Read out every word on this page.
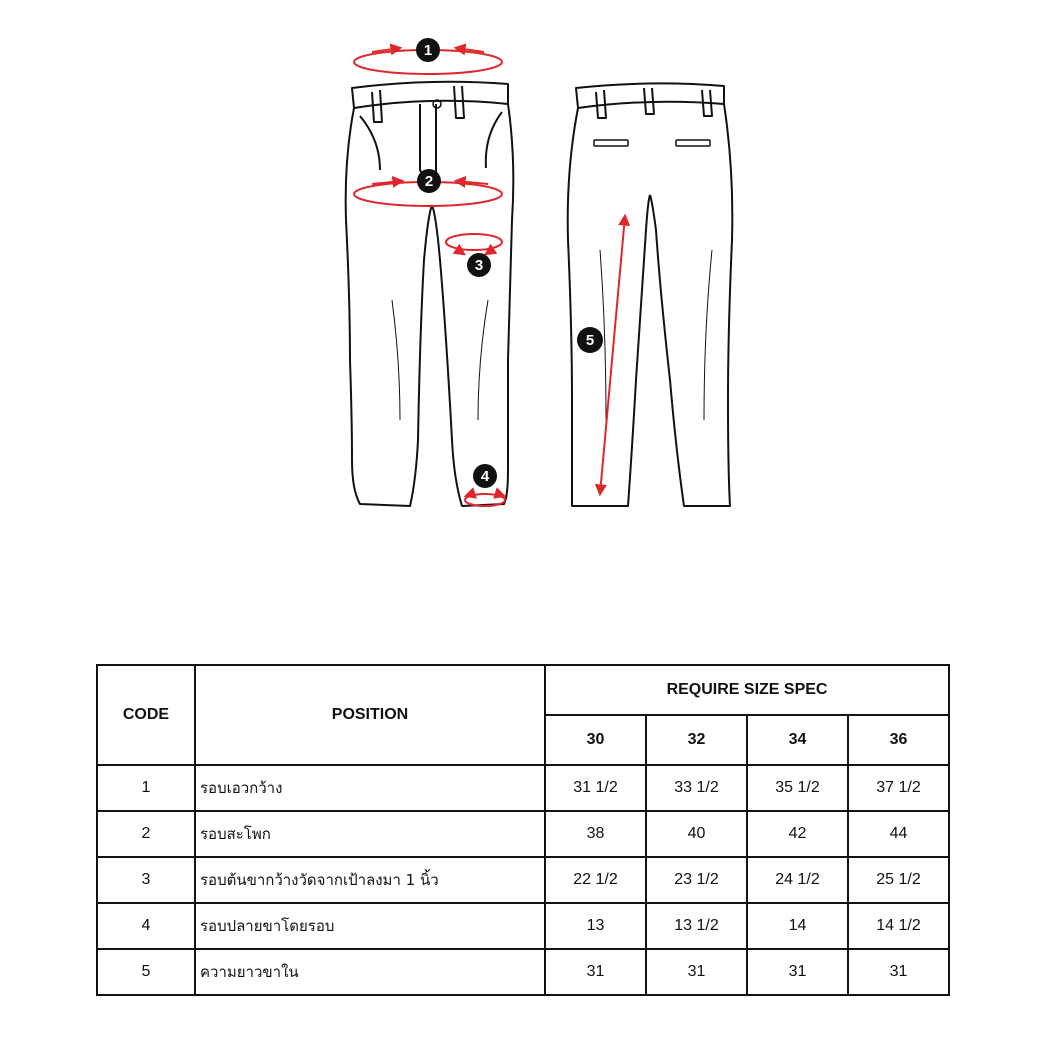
1
2
3
4
5
CODE	POSITION	REQUIRE SIZE SPEC			
		30	32	34	36
1	รอบเอวกว้าง	31 1/2	33 1/2	35 1/2	37 1/2
2	รอบสะโพก	38	40	42	44
3	รอบต้นขากว้างวัดจากเป้าลงมา 1 นิ้ว	22 1/2	23 1/2	24 1/2	25 1/2
4	รอบปลายขาโดยรอบ	13	13 1/2	14	14 1/2
5	ความยาวขาใน	31	31	31	31
